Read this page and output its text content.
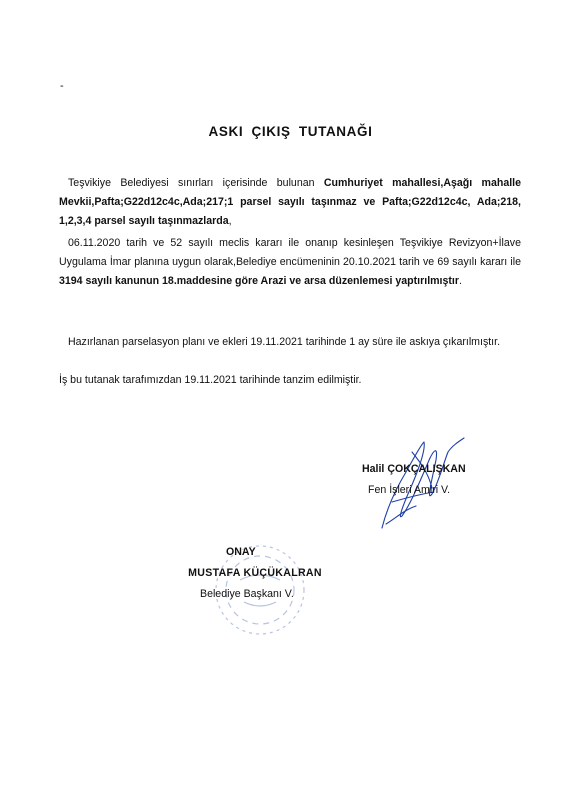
-
ASKI ÇIKIŞ TUTANAĞI
Teşvikiye Belediyesi sınırları içerisinde bulunan Cumhuriyet mahallesi,Aşağı mahalle Mevkii,Pafta;G22d12c4c,Ada;217;1 parsel sayılı taşınmaz ve Pafta;G22d12c4c, Ada;218, 1,2,3,4 parsel sayılı taşınmazlarda,
06.11.2020 tarih ve 52 sayılı meclis kararı ile onanıp kesinleşen Teşvikiye Revizyon+İlave Uygulama İmar planına uygun olarak,Belediye encümeninin 20.10.2021 tarih ve 69 sayılı kararı ile 3194 sayılı kanunun 18.maddesine göre Arazi ve arsa düzenlemesi yaptırılmıştır.
Hazırlanan parselasyon planı ve ekleri 19.11.2021 tarihinde 1 ay süre ile askıya çıkarılmıştır.
İş bu tutanak tarafımızdan 19.11.2021 tarihinde tanzim edilmiştir.
Halil ÇOKÇALIŞKAN
Fen İşleri Amiri V.
ONAY
MUSTAFA KÜÇÜKALRAN
Belediye Başkanı V.
